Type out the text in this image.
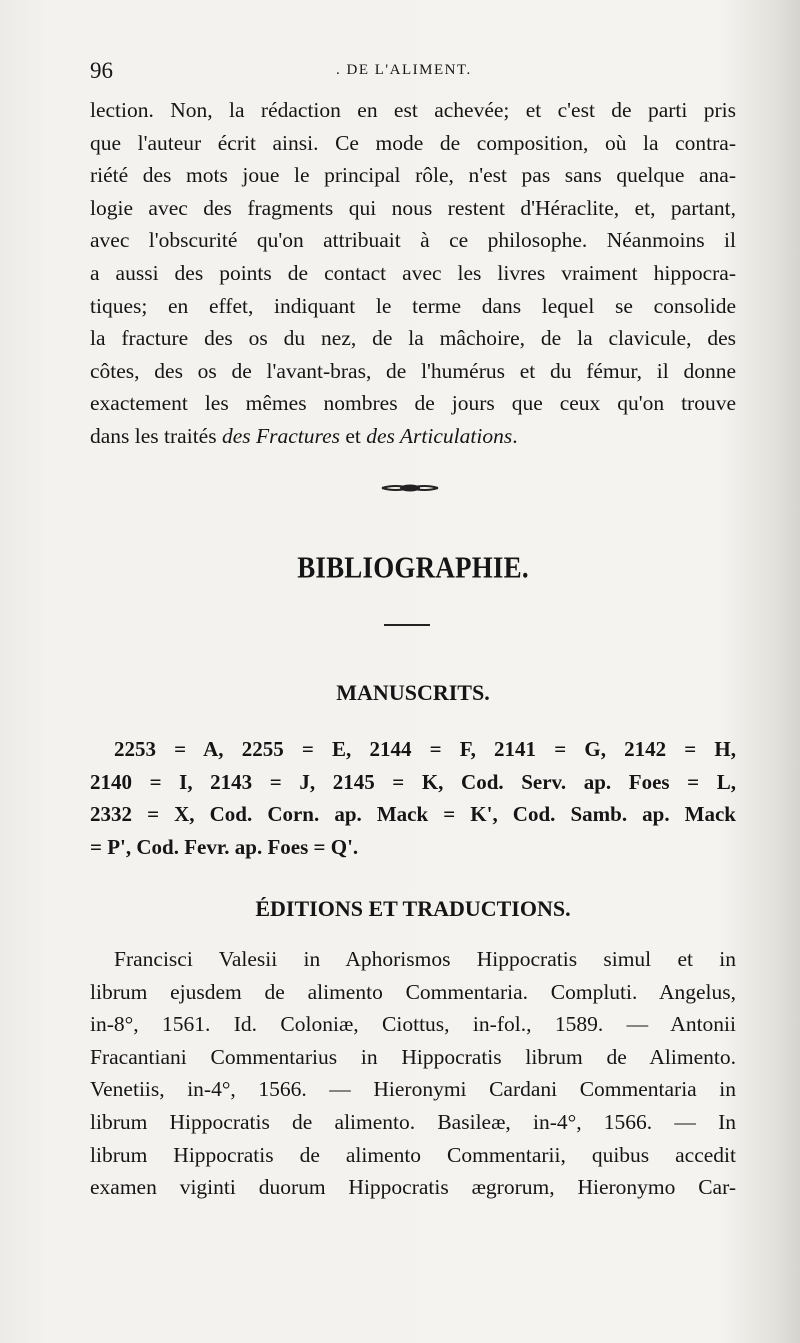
96	. DE L'ALIMENT.
lection. Non, la rédaction en est achevée; et c'est de parti pris
que l'auteur écrit ainsi. Ce mode de composition, où la contra-
riété des mots joue le principal rôle, n'est pas sans quelque ana-
logie avec des fragments qui nous restent d'Héraclite, et, partant,
avec l'obscurité qu'on attribuait à ce philosophe. Néanmoins il
a aussi des points de contact avec les livres vraiment hippocra-
tiques; en effet, indiquant le terme dans lequel se consolide
la fracture des os du nez, de la mâchoire, de la clavicule, des
côtes, des os de l'avant-bras, de l'humérus et du fémur, il donne
exactement les mêmes nombres de jours que ceux qu'on trouve
dans les traités des Fractures et des Articulations.
BIBLIOGRAPHIE.
MANUSCRITS.
2253 = A, 2255 = E, 2144 = F, 2141 = G, 2142 = H,
2140 = I, 2143 = J, 2145 = K, Cod. Serv. ap. Foes = L,
2332 = X, Cod. Corn. ap. Mack = K', Cod. Samb. ap. Mack
= P', Cod. Fevr. ap. Foes = Q'.
ÉDITIONS ET TRADUCTIONS.
Francisci Valesii in Aphorismos Hippocratis simul et in
librum ejusdem de alimento Commentaria. Compluti. Angelus,
in-8°, 1561. Id. Coloniæ, Ciottus, in-fol., 1589. — Antonii
Fracantiani Commentarius in Hippocratis librum de Alimento.
Venetiis, in-4°, 1566. — Hieronymi Cardani Commentaria in
librum Hippocratis de alimento. Basileæ, in-4°, 1566. — In
librum Hippocratis de alimento Commentarii, quibus accedit
examen viginti duorum Hippocratis ægrorum, Hieronymo Car-
